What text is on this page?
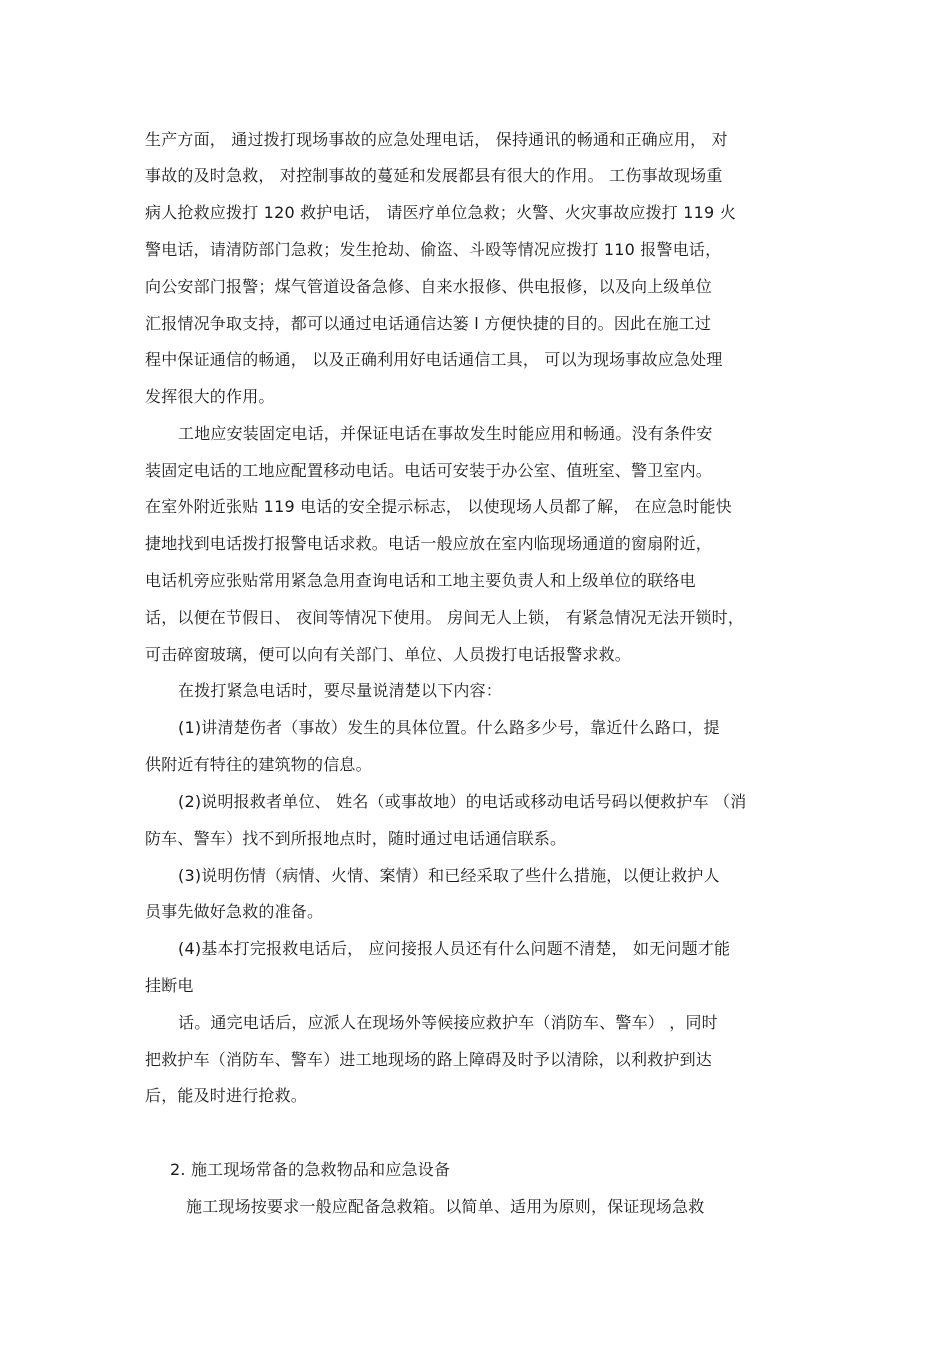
生产方面， 通过拨打现场事故的应急处理电话， 保持通讯的畅通和正确应用， 对
事故的及时急救， 对控制事故的蔓延和发展都县有很大的作用。 工伤事故现场重
病人抢救应拨打 120 救护电话， 请医疗单位急救；火警、火灾事故应拨打 119 火
警电话，请清防部门急救；发生抢劫、偷盗、斗殴等情况应拨打 110 报警电话，
向公安部门报警；煤气管道设备急修、自来水报修、供电报修，以及向上级单位
汇报情况争取支持，都可以通过电话通信达篓 l 方便快捷的目的。因此在施工过
程中保证通信的畅通， 以及正确利用好电话通信工具， 可以为现场事故应急处理
发挥很大的作用。
工地应安装固定电话，并保证电话在事故发生时能应用和畅通。没有条件安
装固定电话的工地应配置移动电话。电话可安装于办公室、值班室、警卫室内。
在室外附近张贴 119 电话的安全提示标志， 以使现场人员都了解， 在应急时能快
捷地找到电话拨打报警电话求救。电话一般应放在室内临现场通道的窗扇附近，
电话机旁应张贴常用紧急急用查询电话和工地主要负责人和上级单位的联络电
话，以便在节假日、 夜间等情况下使用。 房间无人上锁， 有紧急情况无法开锁时，
可击碎窗玻璃，便可以向有关部门、单位、人员拨打电话报警求救。
在拨打紧急电话时，要尽量说清楚以下内容：
(1)讲清楚伤者（事故）发生的具体位置。什么路多少号，靠近什么路口，提
供附近有特往的建筑物的信息。
(2)说明报救者单位、 姓名（或事故地）的电话或移动电话号码以便救护车 （消
防车、警车）找不到所报地点时，随时通过电话通信联系。
(3)说明伤情（病情、火情、案情）和已经采取了些什么措施，以便让救护人
员事先做好急救的准备。
(4)基本打完报救电话后， 应问接报人员还有什么问题不清楚， 如无问题才能
挂断电
话。通完电话后，应派人在现场外等候接应救护车（消防车、警车） ，同时
把救护车（消防车、警车）进工地现场的路上障碍及时予以清除，以利救护到达
后，能及时进行抢救。
2. 施工现场常备的急救物品和应急设备
施工现场按要求一般应配备急救箱。以简单、适用为原则，保证现场急救
